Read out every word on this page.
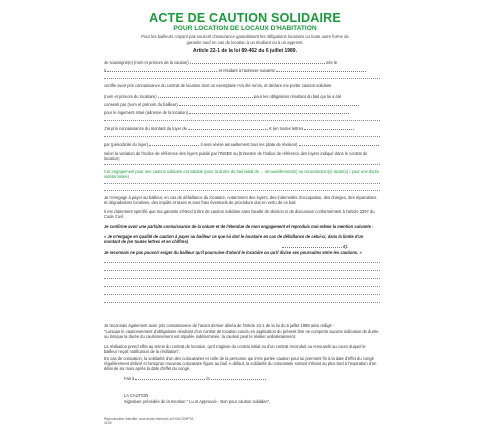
ACTE DE CAUTION SOLIDAIRE
POUR LOCATION DE LOCAUX D'HABITATION
Pour les bailleurs n'ayant pas souscrit d'assurance garantissant les obligations locatives ou toute autre forme de garantie sauf en cas de location à un étudiant ou à un apprenti.
Article 22-1 de la loi 89-462 du 6 juillet 1989.
Je soussigné(e) (nom et prénom de la caution)	née le
à	et résidant à l'adresse suivante
certifie avoir pris connaissance du contrat de location dont un exemplaire m'a été remis, et déclare me porter caution solidaire
(nom et prénom du locataire)	pour les obligations résultant du bail qui lui a été
consenti par (nom et prénom du bailleur)
pour le logement situé (adresse de la location)
J'ai pris connaissance du montant du loyer de	€ (en toutes lettres
par (périodicité du loyer)	Il sera révisé annuellement tous les (date de révision)
selon la variation de l'indice de référence des loyers publié par l'INSEE au (trimestre de l'indice de référence des loyers indiqué dans le contrat de location)
Cet engagement pour une caution solidaire est valable (pour la durée du bail initial de ... renouvellement(s) ou reconduction(s) tacite(s) / pour une durée indéterminée)
Je m'engage à payer au bailleur, en cas de défaillance du locataire, notamment des loyers, des indemnités d'occupation, des charges, des réparations et dégradations locatives, des impôts et taxes et tous frais éventuels de procédure dus en vertu de ce bail.
Il est clairement spécifié que ma garantie s'étend à titre de caution solidaire sans faculté de division ni de discussion conformément à l'article 2297 du Code Civil.
Je confirme avoir une parfaite connaissance de la nature et de l'étendue de mon engagement et reproduis moi-même la mention suivante :
« Je m'engage en qualité de caution à payer au bailleur ce que lui doit le locataire en cas de défaillance de celui-ci, dans la limite d'un montant de (en toutes lettres et en chiffres)
€).
Je reconnais ne pas pouvoir exiger du bailleur qu'il poursuive d'abord le locataire ou qu'il divise ses poursuites entre les cautions. »
Je reconnais également avoir pris connaissance de l'avant dernier alinéa de l'article 22-1 de la loi du 6 juillet 1989 ainsi rédigé :
"Lorsque le cautionnement d'obligations résultant d'un contrat de location conclu en application du présent titre ne comporte aucune indication de durée ou lorsque la durée du cautionnement est stipulée indéterminée, la caution peut le résilier unilatéralement.
La résiliation prend effet au terme du contrat de location, qu'il s'agisse du contrat initial ou d'un contrat reconduit ou renouvelé au cours duquel le bailleur reçoit notification de la résiliation".
En cas de colocation, la solidarité d'un des colocataires et celle de la personne qui s'est portée caution pour lui prennent fin à la date d'effet du congé régulièrement délivré et lorsqu'un nouveau colocataire figure au bail. A défaut, la solidarité du colocataire sortant s'éteint au plus tard à l'expiration d'un délai de six mois après la date d'effet du congé.
Fait à	le
LA CAUTION
Signature précédée de la mention " Lu et Approuvé - Bon pour caution solidaire".
Reproduction interdite, tous droits réservés à EXACOMPTA
4103
